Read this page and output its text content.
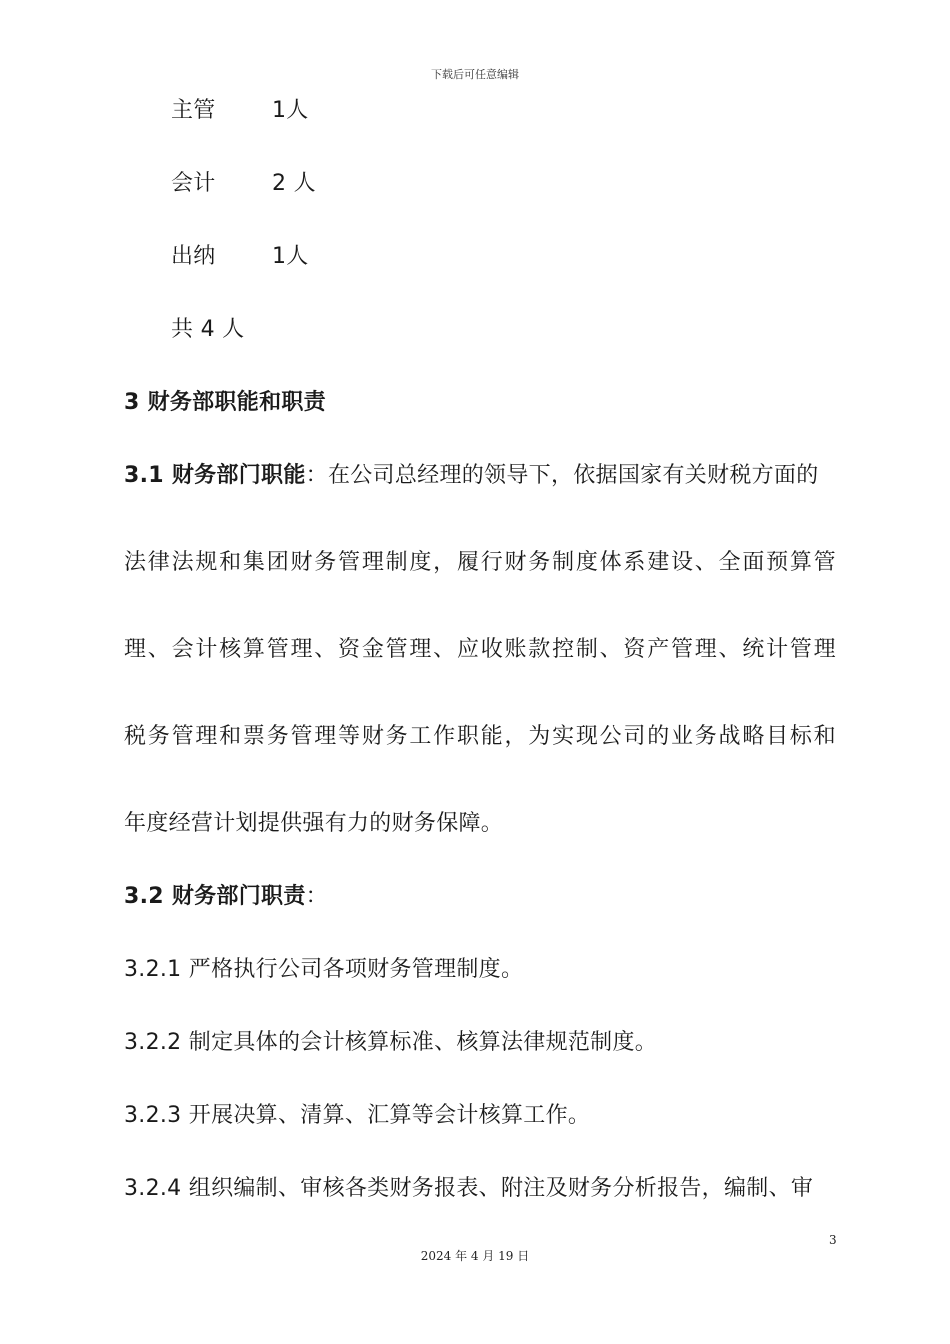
下载后可任意编辑
主管	1人
会计	2 人
出纳	1人
共 4 人
3 财务部职能和职责
3.1 财务部门职能：在公司总经理的领导下，依据国家有关财税方面的
法律法规和集团财务管理制度，履行财务制度体系建设、全面预算管
理、会计核算管理、资金管理、应收账款控制、资产管理、统计管理
税务管理和票务管理等财务工作职能，为实现公司的业务战略目标和
年度经营计划提供强有力的财务保障。
3.2 财务部门职责：
3.2.1 严格执行公司各项财务管理制度。
3.2.2 制定具体的会计核算标准、核算法律规范制度。
3.2.3 开展决算、清算、汇算等会计核算工作。
3.2.4 组织编制、审核各类财务报表、附注及财务分析报告，编制、审
3
2024 年 4 月 19 日
